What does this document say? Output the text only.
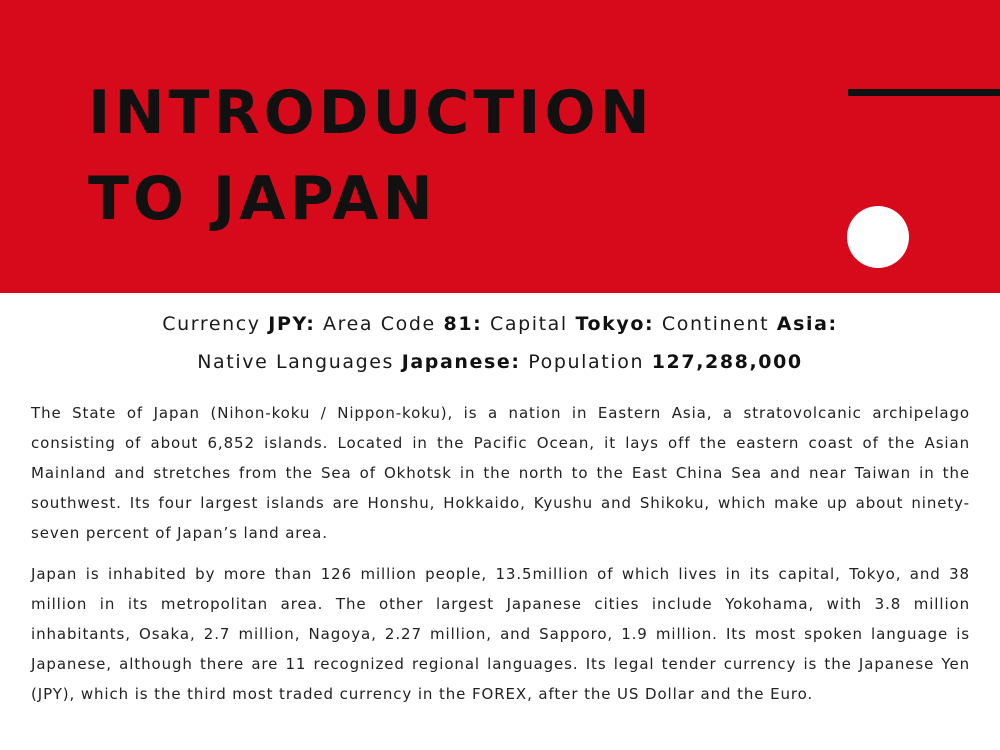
INTRODUCTION
TO JAPAN
Currency JPY: Area Code 81: Capital Tokyo: Continent Asia:
Native Languages Japanese: Population 127,288,000

The State of Japan (Nihon-koku / Nippon-koku), is a nation in Eastern Asia, a stratovolcanic archipelago consisting of about 6,852 islands. Located in the Pacific Ocean, it lays off the eastern coast of the Asian Mainland and stretches from the Sea of Okhotsk in the north to the East China Sea and near Taiwan in the southwest. Its four largest islands are Honshu, Hokkaido, Kyushu and Shikoku, which make up about ninety-seven percent of Japan’s land area.

Japan is inhabited by more than 126 million people, 13.5million of which lives in its capital, Tokyo, and 38 million in its metropolitan area. The other largest Japanese cities include Yokohama, with 3.8 million inhabitants, Osaka, 2.7 million, Nagoya, 2.27 million, and Sapporo, 1.9 million. Its most spoken language is Japanese, although there are 11 recognized regional languages. Its legal tender currency is the Japanese Yen (JPY), which is the third most traded currency in the FOREX, after the US Dollar and the Euro.
